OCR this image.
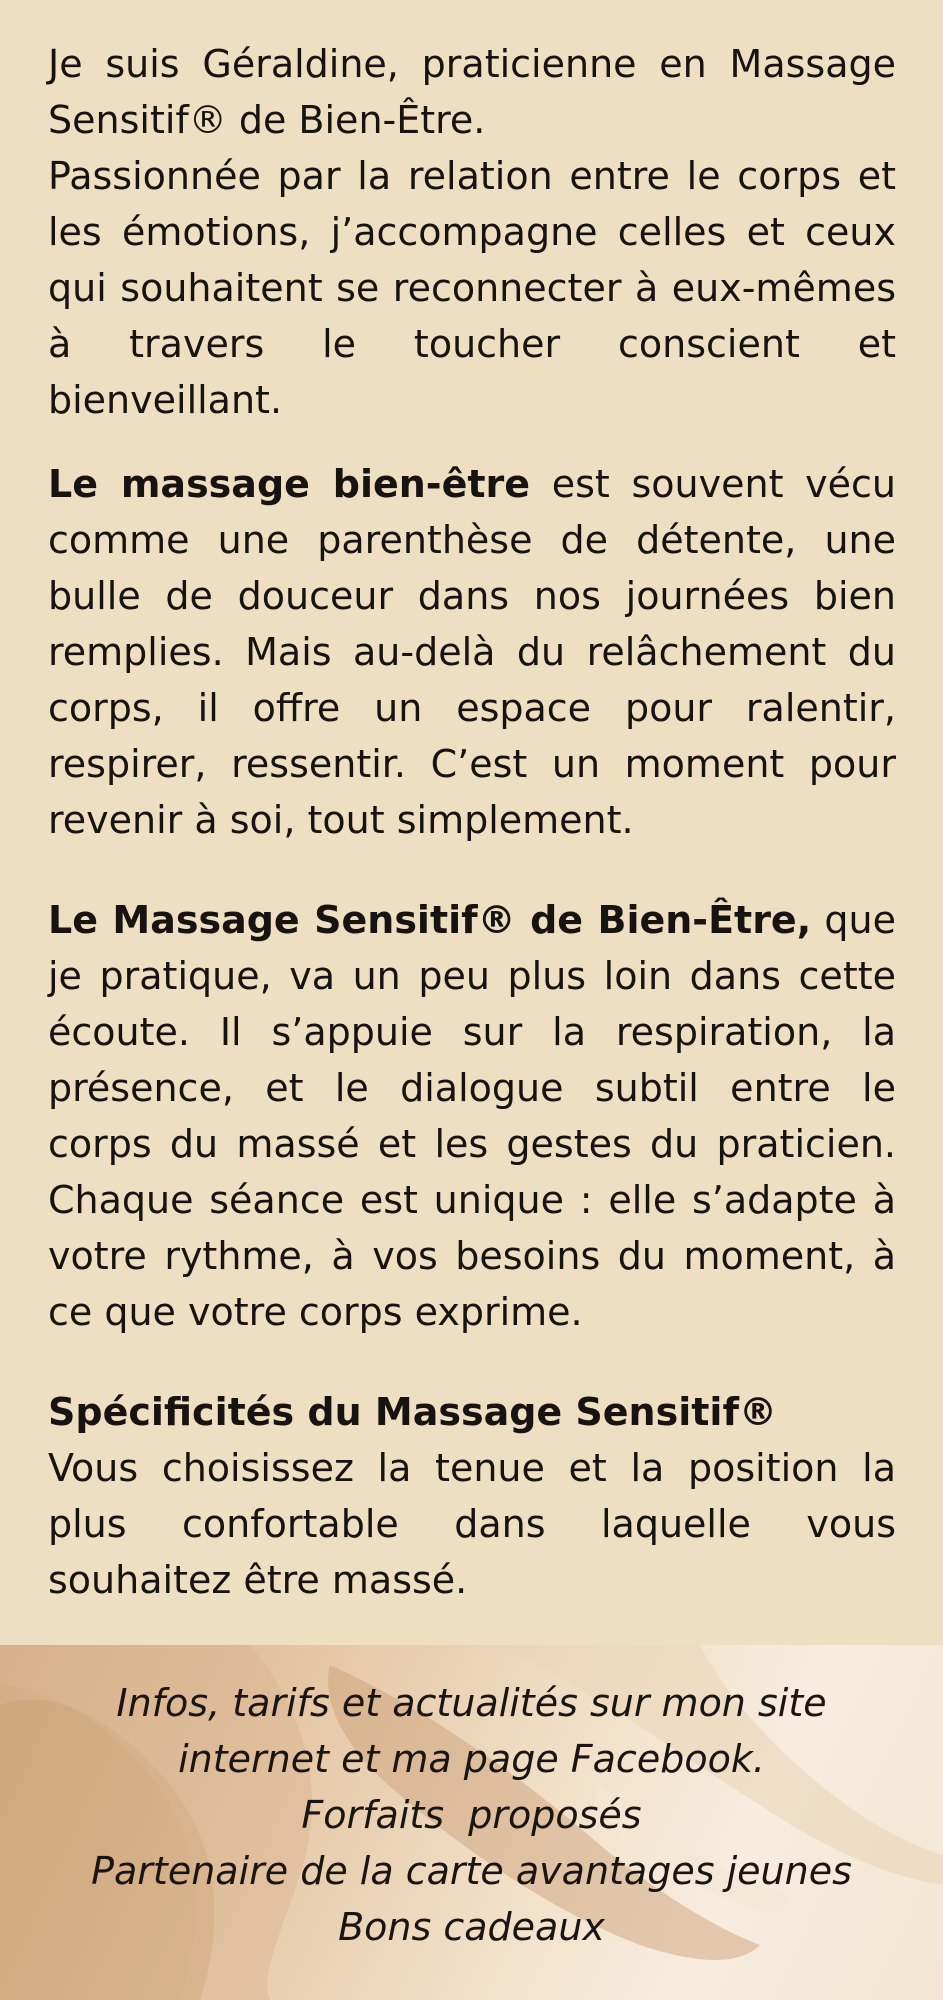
Je suis Géraldine, praticienne en Massage Sensitif® de Bien-Être.
Passionnée par la relation entre le corps et les émotions, j’accompagne celles et ceux qui souhaitent se reconnecter à eux-mêmes à travers le toucher conscient et bienveillant.

Le massage bien-être est souvent vécu comme une parenthèse de détente, une bulle de douceur dans nos journées bien remplies. Mais au-delà du relâchement du corps, il offre un espace pour ralentir, respirer, ressentir. C’est un moment pour revenir à soi, tout simplement.

Le Massage Sensitif® de Bien-Être, que je pratique, va un peu plus loin dans cette écoute. Il s’appuie sur la respiration, la présence, et le dialogue subtil entre le corps du massé et les gestes du praticien. Chaque séance est unique : elle s’adapte à votre rythme, à vos besoins du moment, à ce que votre corps exprime.

Spécificités du Massage Sensitif®
Vous choisissez la tenue et la position la plus confortable dans laquelle vous souhaitez être massé.

Infos, tarifs et actualités sur mon site
internet et ma page Facebook.
Forfaits  proposés
Partenaire de la carte avantages jeunes
Bons cadeaux
